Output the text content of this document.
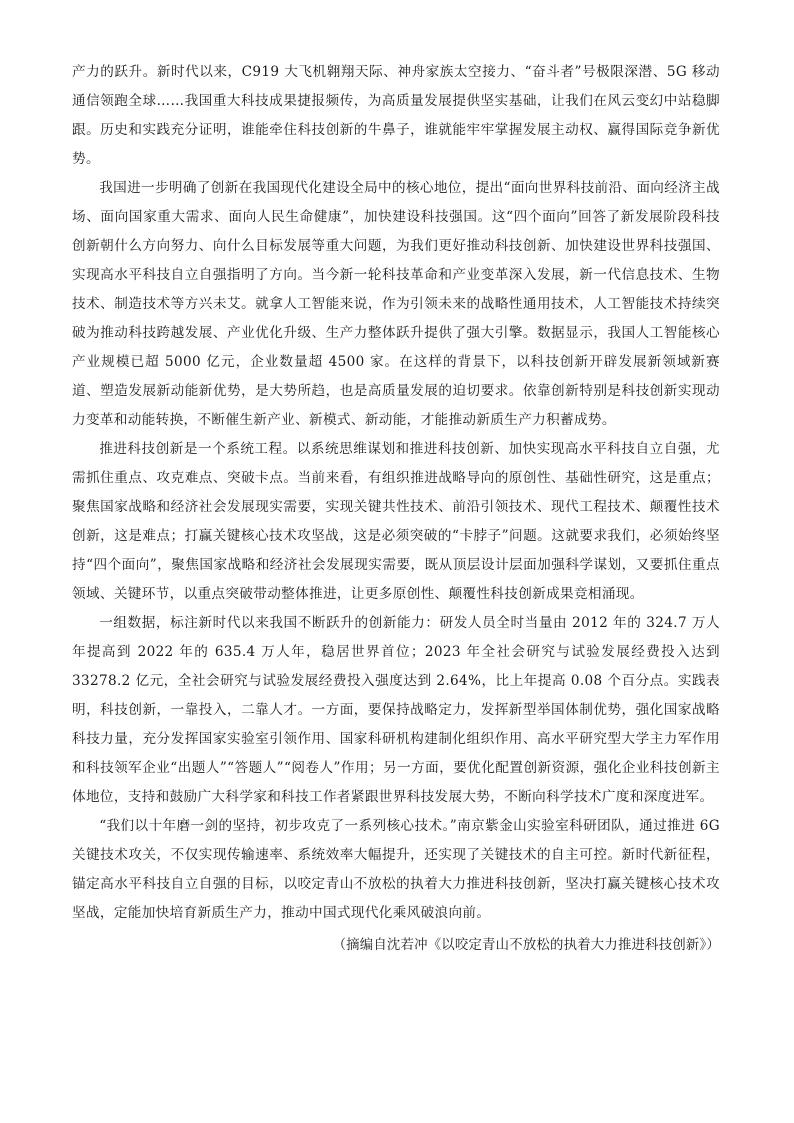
产力的跃升。新时代以来，C919 大飞机翱翔天际、神舟家族太空接力、“奋斗者”号极限深潜、5G 移动通信领跑全球……我国重大科技成果捷报频传，为高质量发展提供坚实基础，让我们在风云变幻中站稳脚跟。历史和实践充分证明，谁能牵住科技创新的牛鼻子，谁就能牢牢掌握发展主动权、赢得国际竞争新优势。

我国进一步明确了创新在我国现代化建设全局中的核心地位，提出“面向世界科技前沿、面向经济主战场、面向国家重大需求、面向人民生命健康”，加快建设科技强国。这“四个面向”回答了新发展阶段科技创新朝什么方向努力、向什么目标发展等重大问题，为我们更好推动科技创新、加快建设世界科技强国、实现高水平科技自立自强指明了方向。当今新一轮科技革命和产业变革深入发展，新一代信息技术、生物技术、制造技术等方兴未艾。就拿人工智能来说，作为引领未来的战略性通用技术，人工智能技术持续突破为推动科技跨越发展、产业优化升级、生产力整体跃升提供了强大引擎。数据显示，我国人工智能核心产业规模已超 5000 亿元，企业数量超 4500 家。在这样的背景下，以科技创新开辟发展新领域新赛道、塑造发展新动能新优势，是大势所趋，也是高质量发展的迫切要求。依靠创新特别是科技创新实现动力变革和动能转换，不断催生新产业、新模式、新动能，才能推动新质生产力积蓄成势。

推进科技创新是一个系统工程。以系统思维谋划和推进科技创新、加快实现高水平科技自立自强，尤需抓住重点、攻克难点、突破卡点。当前来看，有组织推进战略导向的原创性、基础性研究，这是重点；聚焦国家战略和经济社会发展现实需要，实现关键共性技术、前沿引领技术、现代工程技术、颠覆性技术创新，这是难点；打赢关键核心技术攻坚战，这是必须突破的“卡脖子”问题。这就要求我们，必须始终坚持“四个面向”，聚焦国家战略和经济社会发展现实需要，既从顶层设计层面加强科学谋划，又要抓住重点领域、关键环节，以重点突破带动整体推进，让更多原创性、颠覆性科技创新成果竞相涌现。

一组数据，标注新时代以来我国不断跃升的创新能力：研发人员全时当量由 2012 年的 324.7 万人年提高到 2022 年的 635.4 万人年，稳居世界首位；2023 年全社会研究与试验发展经费投入达到 33278.2 亿元，全社会研究与试验发展经费投入强度达到 2.64%，比上年提高 0.08 个百分点。实践表明，科技创新，一靠投入，二靠人才。一方面，要保持战略定力，发挥新型举国体制优势，强化国家战略科技力量，充分发挥国家实验室引领作用、国家科研机构建制化组织作用、高水平研究型大学主力军作用和科技领军企业“出题人”“答题人”“阅卷人”作用；另一方面，要优化配置创新资源，强化企业科技创新主体地位，支持和鼓励广大科学家和科技工作者紧跟世界科技发展大势，不断向科学技术广度和深度进军。

“我们以十年磨一剑的坚持，初步攻克了一系列核心技术。”南京紫金山实验室科研团队，通过推进 6G 关键技术攻关，不仅实现传输速率、系统效率大幅提升，还实现了关键技术的自主可控。新时代新征程，锚定高水平科技自立自强的目标，以咬定青山不放松的执着大力推进科技创新，坚决打赢关键核心技术攻坚战，定能加快培育新质生产力，推动中国式现代化乘风破浪向前。

（摘编自沈若冲《以咬定青山不放松的执着大力推进科技创新》）
